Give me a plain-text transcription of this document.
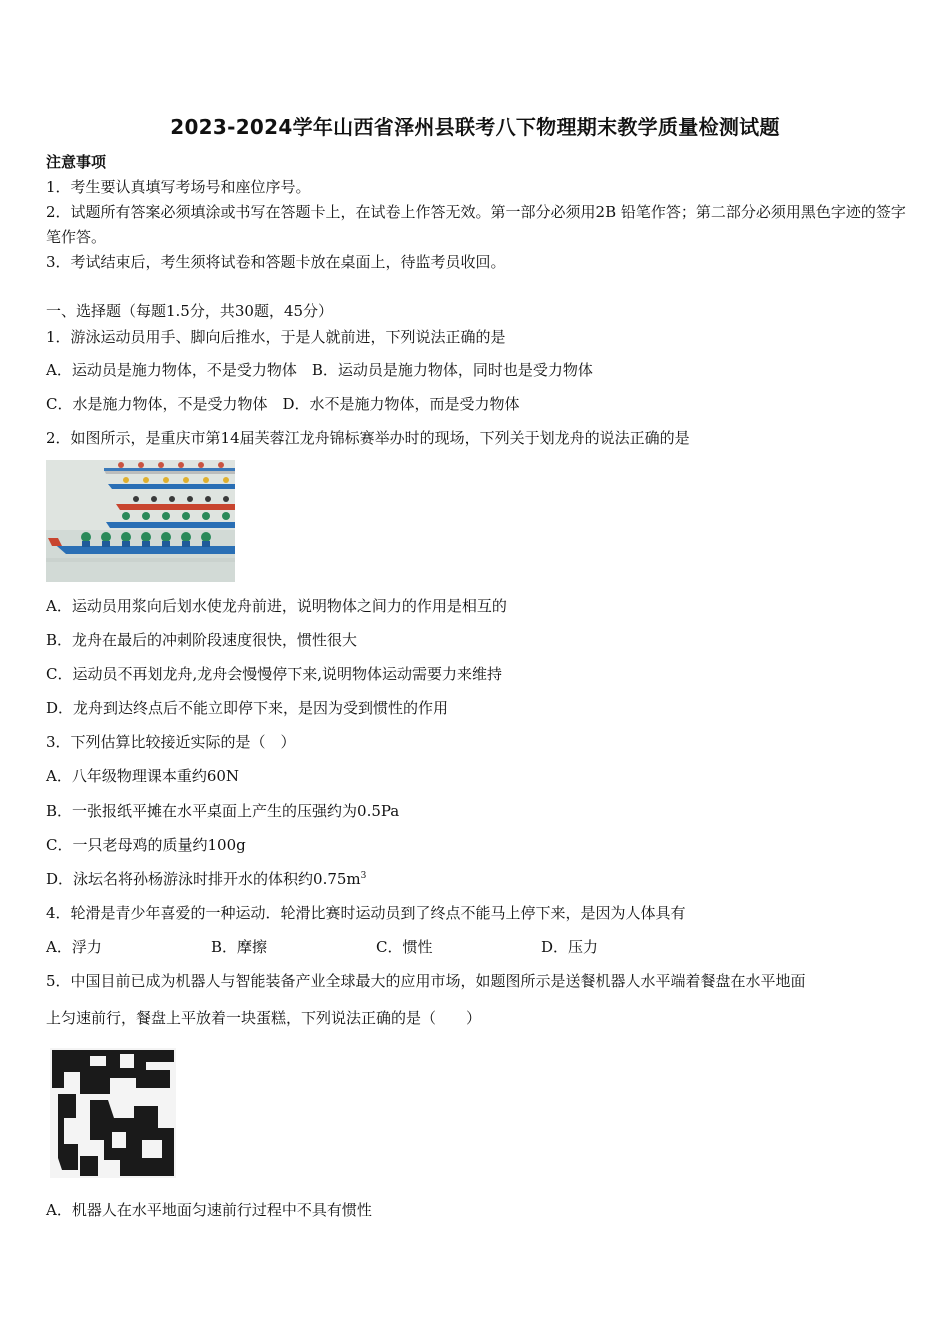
2023-2024学年山西省泽州县联考八下物理期末教学质量检测试题
注意事项
1．考生要认真填写考场号和座位序号。
2．试题所有答案必须填涂或书写在答题卡上，在试卷上作答无效。第一部分必须用2B 铅笔作答；第二部分必须用黑色字迹的签字笔作答。
3．考试结束后，考生须将试卷和答题卡放在桌面上，待监考员收回。
一、选择题（每题1.5分，共30题，45分）
1．游泳运动员用手、脚向后推水，于是人就前进，下列说法正确的是
A．运动员是施力物体，不是受力物体　B．运动员是施力物体，同时也是受力物体
C．水是施力物体，不是受力物体　D．水不是施力物体，而是受力物体
2．如图所示，是重庆市第14届芙蓉江龙舟锦标赛举办时的现场，下列关于划龙舟的说法正确的是
A．运动员用浆向后划水使龙舟前进，说明物体之间力的作用是相互的
B．龙舟在最后的冲刺阶段速度很快，惯性很大
C．运动员不再划龙舟,龙舟会慢慢停下来,说明物体运动需要力来维持
D．龙舟到达终点后不能立即停下来，是因为受到惯性的作用
3．下列估算比较接近实际的是（　）
A．八年级物理课本重约60N
B．一张报纸平摊在水平桌面上产生的压强约为0.5Pa
C．一只老母鸡的质量约100g
D．泳坛名将孙杨游泳时排开水的体积约$0.75m^3$
4．轮滑是青少年喜爱的一种运动．轮滑比赛时运动员到了终点不能马上停下来，是因为人体具有
A．浮力	B．摩擦	C．惯性	D．压力
5．中国目前已成为机器人与智能装备产业全球最大的应用市场，如题图所示是送餐机器人水平端着餐盘在水平地面
上匀速前行，餐盘上平放着一块蛋糕，下列说法正确的是（　　）
A．机器人在水平地面匀速前行过程中不具有惯性
